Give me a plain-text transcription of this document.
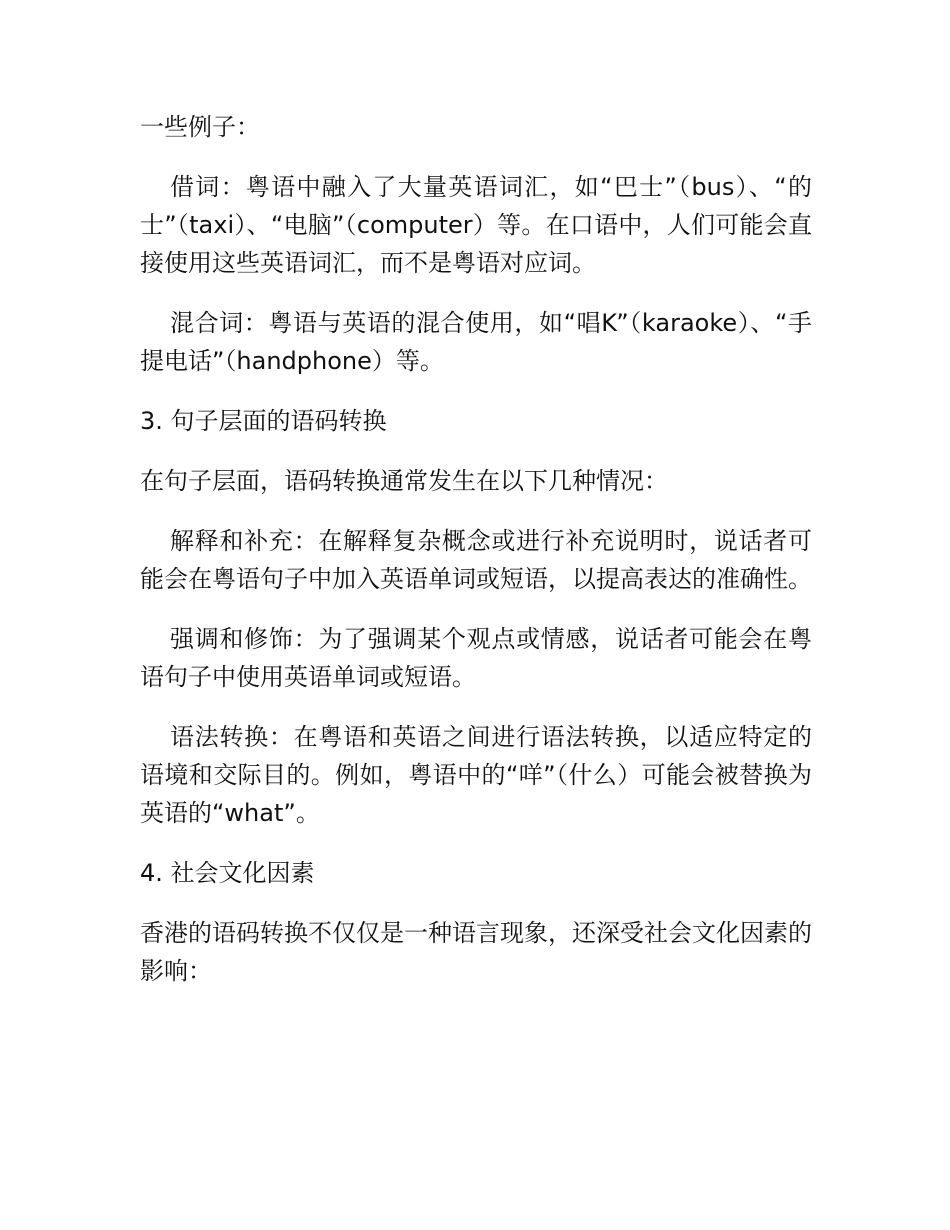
一些例子：

借词：粤语中融入了大量英语词汇，如“巴士”（bus）、“的士”（taxi）、“电脑”（computer）等。在口语中，人们可能会直接使用这些英语词汇，而不是粤语对应词。

混合词：粤语与英语的混合使用，如“唱K”（karaoke）、“手提电话”（handphone）等。

3. 句子层面的语码转换

在句子层面，语码转换通常发生在以下几种情况：

解释和补充：在解释复杂概念或进行补充说明时，说话者可能会在粤语句子中加入英语单词或短语，以提高表达的准确性。

强调和修饰：为了强调某个观点或情感，说话者可能会在粤语句子中使用英语单词或短语。

语法转换：在粤语和英语之间进行语法转换，以适应特定的语境和交际目的。例如，粤语中的“咩”（什么）可能会被替换为英语的“what”。

4. 社会文化因素

香港的语码转换不仅仅是一种语言现象，还深受社会文化因素的影响：
